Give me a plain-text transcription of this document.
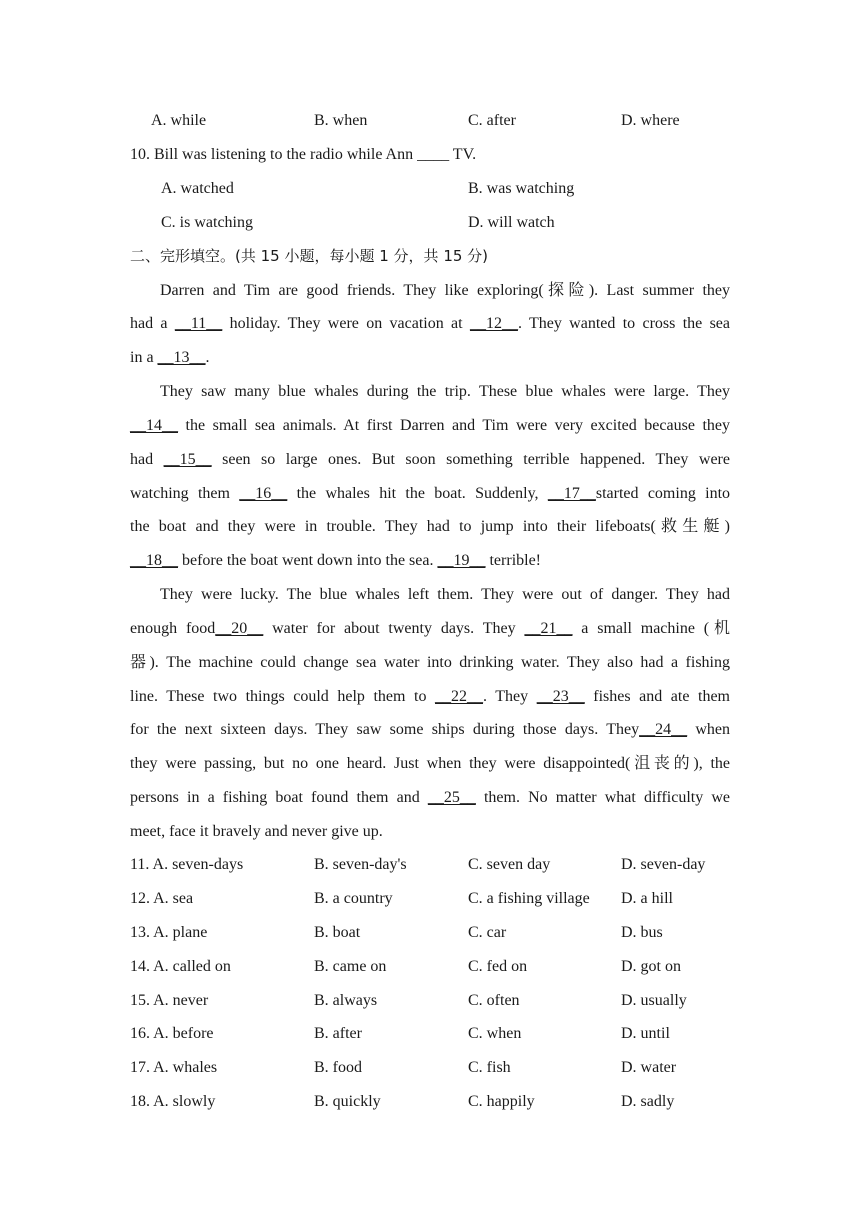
A. while	B. when	C. after	D. where
10. Bill was listening to the radio while Ann ____ TV.
A. watched	B. was watching
C. is watching	D. will watch
二、完形填空。(共 15 小题，每小题 1 分，共 15 分)
Darren and Tim are good friends. They like exploring(探险). Last summer they
had a __11__ holiday. They were on vacation at __12__. They wanted to cross the sea
in a __13__.
They saw many blue whales during the trip. These blue whales were large. They
__14__ the small sea animals. At first Darren and Tim were very excited because they
had __15__ seen so large ones. But soon something terrible happened. They were
watching them __16__ the whales hit the boat. Suddenly, __17__started coming into
the boat and they were in trouble. They had to jump into their lifeboats(救生艇)
__18__ before the boat went down into the sea. __19__ terrible!
They were lucky. The blue whales left them. They were out of danger. They had
enough food__20__ water for about twenty days. They __21__ a small machine (机
器). The machine could change sea water into drinking water. They also had a fishing
line. These two things could help them to __22__. They __23__ fishes and ate them
for the next sixteen days. They saw some ships during those days. They__24__ when
they were passing, but no one heard. Just when they were disappointed(沮丧的), the
persons in a fishing boat found them and __25__ them. No matter what difficulty we
meet, face it bravely and never give up.
11. A. seven-days	B. seven-day's	C. seven day	D. seven-day
12. A. sea	B. a country	C. a fishing village D. a hill
13. A. plane	B. boat	C. car	D. bus
14. A. called on	B. came on	C. fed on	D. got on
15. A. never	B. always	C. often	D. usually
16. A. before	B. after	C. when	D. until
17. A. whales	B. food	C. fish	D. water
18. A. slowly	B. quickly	C. happily	D. sadly
